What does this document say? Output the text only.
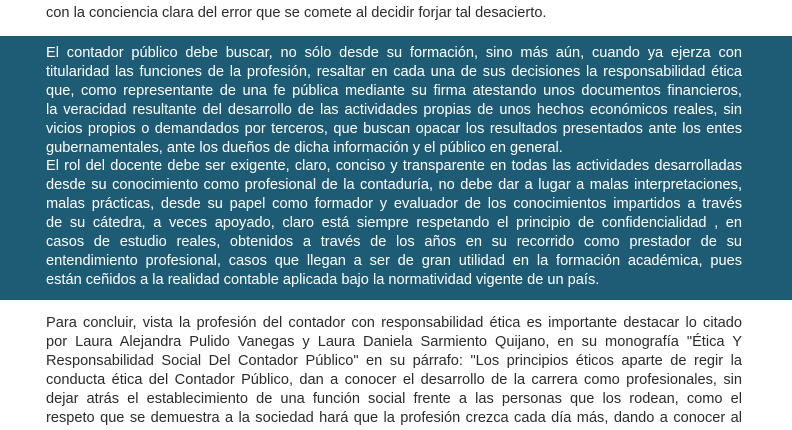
con la conciencia clara del error que se comete al decidir forjar tal desacierto.
El contador público debe buscar, no sólo desde su formación, sino más aún, cuando ya ejerza con
titularidad las funciones de la profesión, resaltar en cada una de sus decisiones la responsabilidad ética
que, como representante de una fe pública mediante su firma atestando unos documentos financieros,
la veracidad resultante del desarrollo de las actividades propias de unos hechos económicos reales, sin
vicios propios o demandados por terceros, que buscan opacar los resultados presentados ante los entes
gubernamentales, ante los dueños de dicha información y el público en general.
El rol del docente debe ser exigente, claro, conciso y transparente en todas las actividades desarrolladas
desde su conocimiento como profesional de la contaduría, no debe dar a lugar a malas interpretaciones,
malas prácticas, desde su papel como formador y evaluador de los conocimientos impartidos a través
de su cátedra, a veces apoyado, claro está siempre respetando el principio de confidencialidad , en
casos de estudio reales, obtenidos a través de los años en su recorrido como prestador de su
entendimiento profesional, casos que llegan a ser de gran utilidad en la formación académica, pues
están ceñidos a la realidad contable aplicada bajo la normatividad vigente de un país.
Para concluir, vista la profesión del contador con responsabilidad ética es importante destacar lo citado
por Laura Alejandra Pulido Vanegas y Laura Daniela Sarmiento Quijano, en su monografía "Ética Y
Responsabilidad Social Del Contador Público" en su párrafo: "Los principios éticos aparte de regir la
conducta ética del Contador Público, dan a conocer el desarrollo de la carrera como profesionales, sin
dejar atrás el establecimiento de una función social frente a las personas que los rodean, como el
respeto que se demuestra a la sociedad hará que la profesión crezca cada día más, dando a conocer al
